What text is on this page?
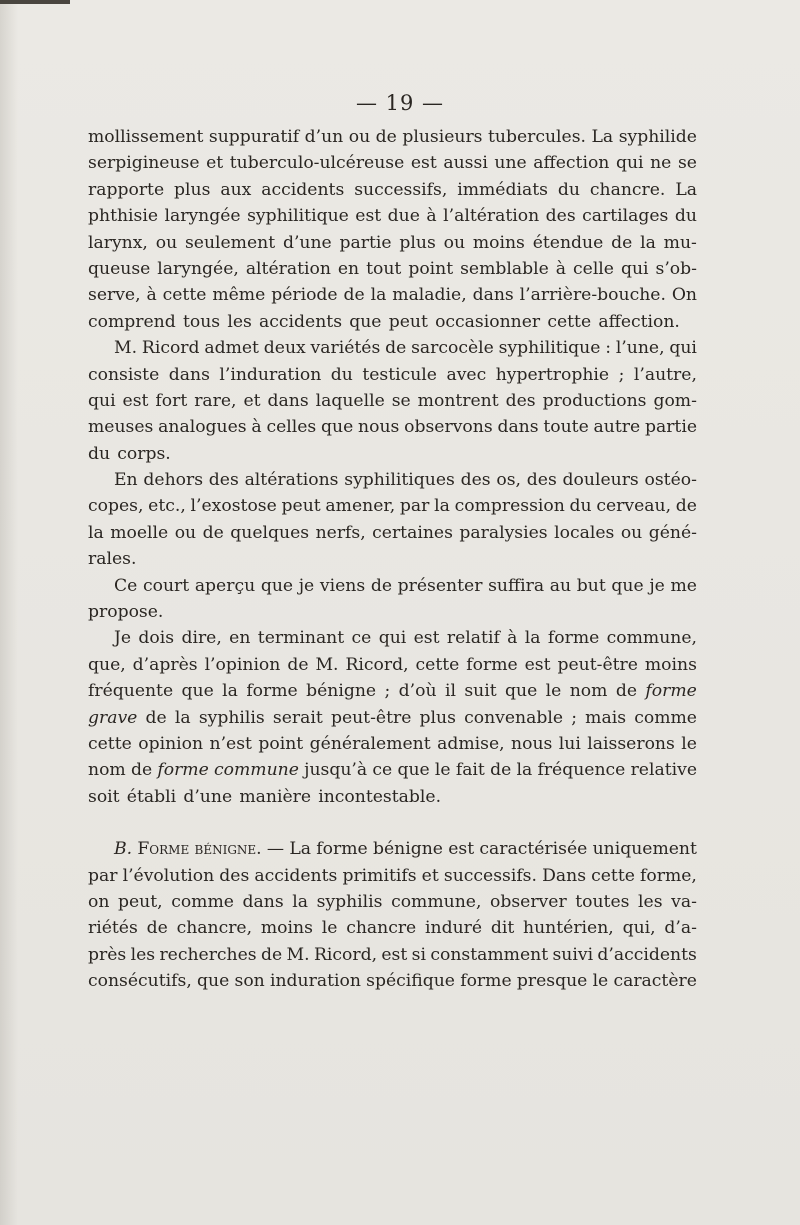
— 19 —
mollissement suppuratif d’un ou de plusieurs tubercules. La syphilide
serpigineuse et tuberculo-ulcéreuse est aussi une affection qui ne se
rapporte plus aux accidents successifs, immédiats du chancre. La
phthisie laryngée syphilitique est due à l’altération des cartilages du
larynx, ou seulement d’une partie plus ou moins étendue de la mu-
queuse laryngée, altération en tout point semblable à celle qui s’ob-
serve, à cette même période de la maladie, dans l’arrière-bouche. On
comprend tous les accidents que peut occasionner cette affection.
M. Ricord admet deux variétés de sarcocèle syphilitique : l’une, qui
consiste dans l’induration du testicule avec hypertrophie ; l’autre,
qui est fort rare, et dans laquelle se montrent des productions gom-
meuses analogues à celles que nous observons dans toute autre partie
du corps.
En dehors des altérations syphilitiques des os, des douleurs ostéo-
copes, etc., l’exostose peut amener, par la compression du cerveau, de
la moelle ou de quelques nerfs, certaines paralysies locales ou géné-
rales.
Ce court aperçu que je viens de présenter suffira au but que je me
propose.
Je dois dire, en terminant ce qui est relatif à la forme commune,
que, d’après l’opinion de M. Ricord, cette forme est peut-être moins
fréquente que la forme bénigne ; d’où il suit que le nom de forme
grave de la syphilis serait peut-être plus convenable ; mais comme
cette opinion n’est point généralement admise, nous lui laisserons le
nom de forme commune jusqu’à ce que le fait de la fréquence relative
soit établi d’une manière incontestable.
B. Forme bénigne. — La forme bénigne est caractérisée uniquement
par l’évolution des accidents primitifs et successifs. Dans cette forme,
on peut, comme dans la syphilis commune, observer toutes les va-
riétés de chancre, moins le chancre induré dit huntérien, qui, d’a-
près les recherches de M. Ricord, est si constamment suivi d’accidents
consécutifs, que son induration spécifique forme presque le caractère
